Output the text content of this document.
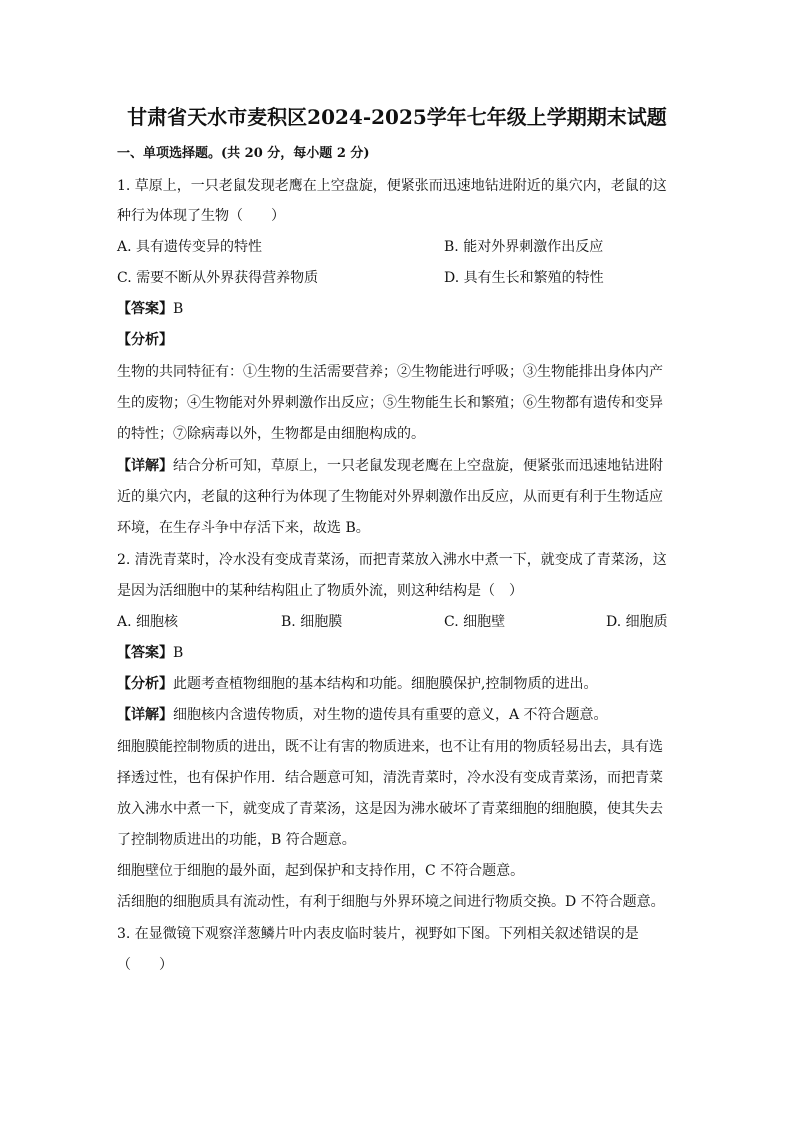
甘肃省天水市麦积区2024-2025学年七年级上学期期末试题
一、单项选择题。(共 20 分，每小题 2 分)
1. 草原上，一只老鼠发现老鹰在上空盘旋，便紧张而迅速地钻进附近的巢穴内，老鼠的这
种行为体现了生物（　　）
A. 具有遗传变异的特性	B. 能对外界刺激作出反应
C. 需要不断从外界获得营养物质	D. 具有生长和繁殖的特性
【答案】B
【分析】
生物的共同特征有：①生物的生活需要营养；②生物能进行呼吸；③生物能排出身体内产
生的废物；④生物能对外界刺激作出反应；⑤生物能生长和繁殖；⑥生物都有遗传和变异
的特性；⑦除病毒以外，生物都是由细胞构成的。
【详解】结合分析可知，草原上，一只老鼠发现老鹰在上空盘旋，便紧张而迅速地钻进附
近的巢穴内，老鼠的这种行为体现了生物能对外界刺激作出反应，从而更有利于生物适应
环境，在生存斗争中存活下来，故选 B。
2. 清洗青菜时，冷水没有变成青菜汤，而把青菜放入沸水中煮一下，就变成了青菜汤，这
是因为活细胞中的某种结构阻止了物质外流，则这种结构是（　）
A. 细胞核	B. 细胞膜	C. 细胞壁	D. 细胞质
【答案】B
【分析】此题考查植物细胞的基本结构和功能。细胞膜保护,控制物质的进出。
【详解】细胞核内含遗传物质，对生物的遗传具有重要的意义，A 不符合题意。
细胞膜能控制物质的进出，既不让有害的物质进来，也不让有用的物质轻易出去，具有选
择透过性，也有保护作用．结合题意可知，清洗青菜时，冷水没有变成青菜汤，而把青菜
放入沸水中煮一下，就变成了青菜汤，这是因为沸水破坏了青菜细胞的细胞膜，使其失去
了控制物质进出的功能，B 符合题意。
细胞壁位于细胞的最外面，起到保护和支持作用，C 不符合题意。
活细胞的细胞质具有流动性，有利于细胞与外界环境之间进行物质交换。D 不符合题意。
3. 在显微镜下观察洋葱鳞片叶内表皮临时装片，视野如下图。下列相关叙述错误的是
（　　）
